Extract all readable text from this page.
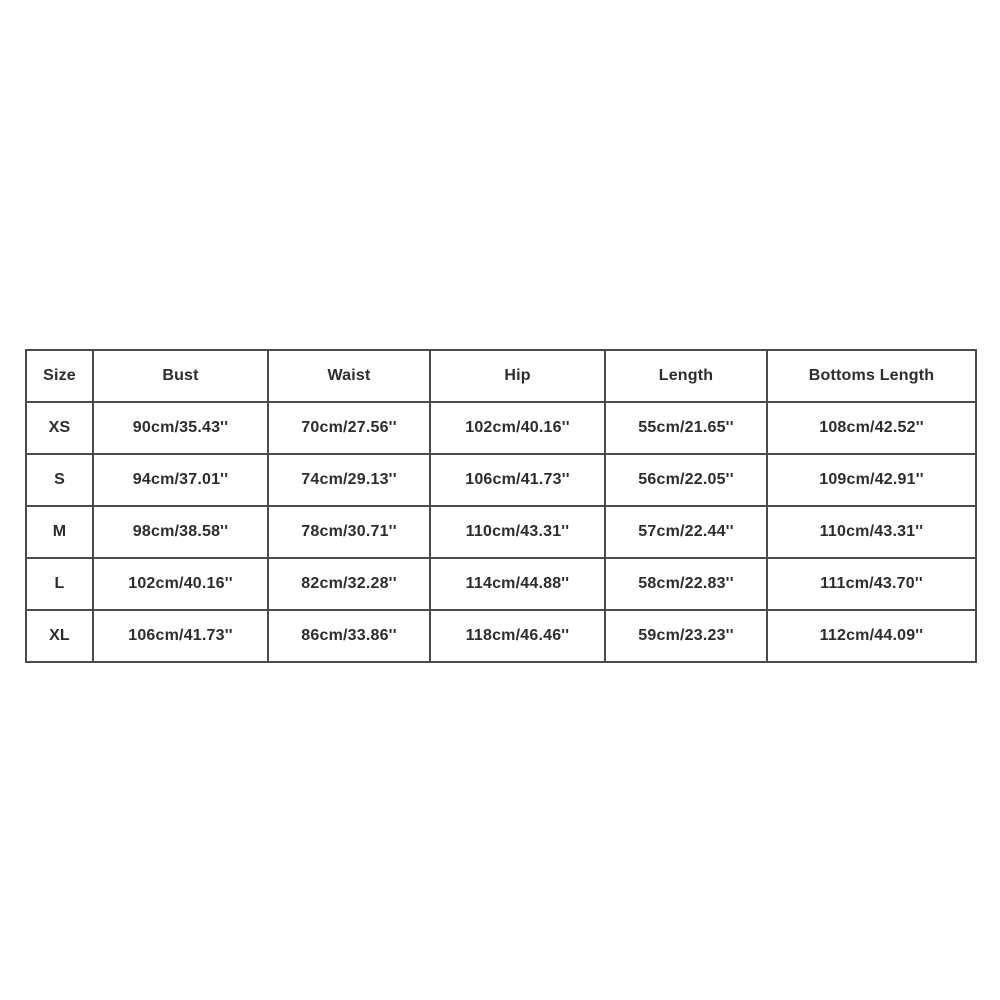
Size	Bust	Waist	Hip	Length	Bottoms Length
XS	90cm/35.43''	70cm/27.56''	102cm/40.16''	55cm/21.65''	108cm/42.52''
S	94cm/37.01''	74cm/29.13''	106cm/41.73''	56cm/22.05''	109cm/42.91''
M	98cm/38.58''	78cm/30.71''	110cm/43.31''	57cm/22.44''	110cm/43.31''
L	102cm/40.16''	82cm/32.28''	114cm/44.88''	58cm/22.83''	111cm/43.70''
XL	106cm/41.73''	86cm/33.86''	118cm/46.46''	59cm/23.23''	112cm/44.09''
